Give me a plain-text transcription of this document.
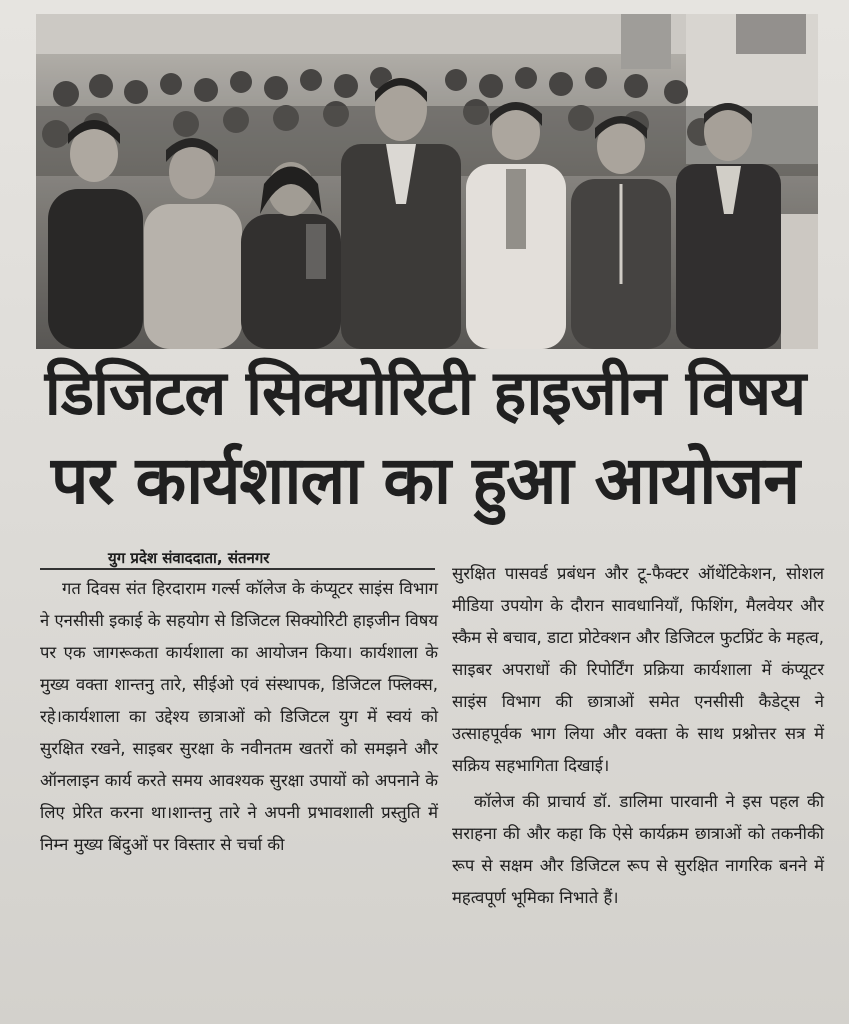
डिजिटल सिक्योरिटी हाइजीन विषय
पर कार्यशाला का हुआ आयोजन
युग प्रदेश संवाददाता, संतनगर

गत दिवस संत हिरदाराम गर्ल्स कॉलेज के कंप्यूटर साइंस विभाग ने एनसीसी इकाई के सहयोग से डिजिटल सिक्योरिटी हाइजीन विषय पर एक जागरूकता कार्यशाला का आयोजन किया। कार्यशाला के मुख्य वक्ता शान्तनु तारे, सीईओ एवं संस्थापक, डिजिटल फ्लिक्स, रहे।कार्यशाला का उद्देश्य छात्राओं को डिजिटल युग में स्वयं को सुरक्षित रखने, साइबर सुरक्षा के नवीनतम खतरों को समझने और ऑनलाइन कार्य करते समय आवश्यक सुरक्षा उपायों को अपनाने के लिए प्रेरित करना था।शान्तनु तारे ने अपनी प्रभावशाली प्रस्तुति में निम्न मुख्य बिंदुओं पर विस्तार से चर्चा की

सुरक्षित पासवर्ड प्रबंधन और टू-फैक्टर ऑथेंटिकेशन, सोशल मीडिया उपयोग के दौरान सावधानियाँ, फिशिंग, मैलवेयर और स्कैम से बचाव, डाटा प्रोटेक्शन और डिजिटल फुटप्रिंट के महत्व, साइबर अपराधों की रिपोर्टिंग प्रक्रिया कार्यशाला में कंप्यूटर साइंस विभाग की छात्राओं समेत एनसीसी कैडेट्स ने उत्साहपूर्वक भाग लिया और वक्ता के साथ प्रश्नोत्तर सत्र में सक्रिय सहभागिता दिखाई।

कॉलेज की प्राचार्य डॉ. डालिमा पारवानी ने इस पहल की सराहना की और कहा कि ऐसे कार्यक्रम छात्राओं को तकनीकी रूप से सक्षम और डिजिटल रूप से सुरक्षित नागरिक बनने में महत्वपूर्ण भूमिका निभाते हैं।
